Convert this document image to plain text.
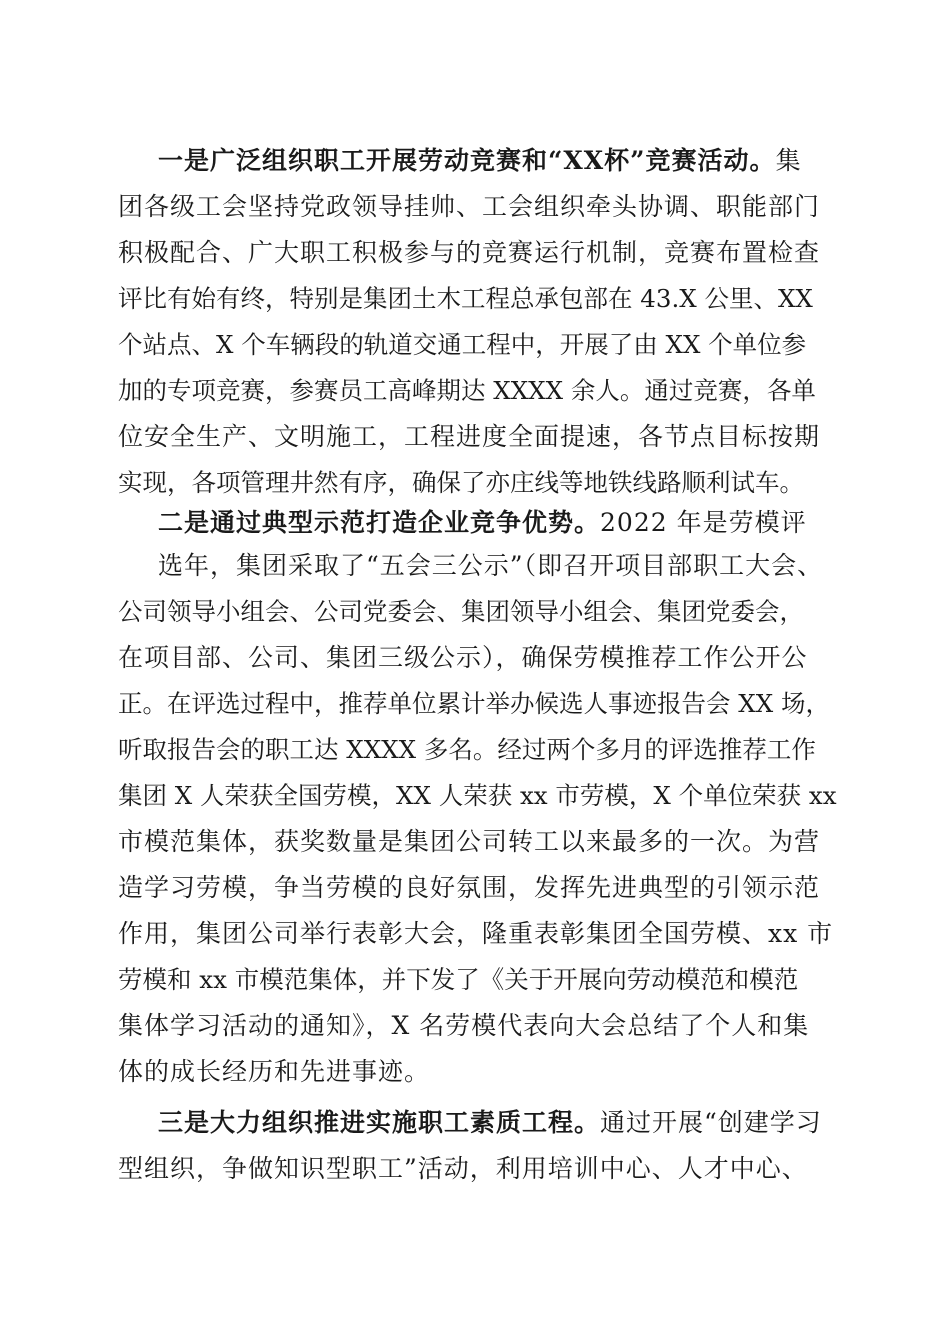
一是广泛组织职工开展劳动竞赛和“XX杯”竞赛活动。集
团各级工会坚持党政领导挂帅、工会组织牵头协调、职能部门
积极配合、广大职工积极参与的竞赛运行机制，竞赛布置检查
评比有始有终，特别是集团土木工程总承包部在 43.X 公里、XX
个站点、X 个车辆段的轨道交通工程中，开展了由 XX 个单位参
加的专项竞赛，参赛员工高峰期达 XXXX 余人。通过竞赛，各单
位安全生产、文明施工，工程进度全面提速，各节点目标按期
实现，各项管理井然有序，确保了亦庄线等地铁线路顺利试车。
二是通过典型示范打造企业竞争优势。2022 年是劳模评
选年，集团采取了“五会三公示”（即召开项目部职工大会、
公司领导小组会、公司党委会、集团领导小组会、集团党委会，
在项目部、公司、集团三级公示），确保劳模推荐工作公开公
正。在评选过程中，推荐单位累计举办候选人事迹报告会 XX 场，
听取报告会的职工达 XXXX 多名。经过两个多月的评选推荐工作
集团 X 人荣获全国劳模，XX 人荣获 xx 市劳模，X 个单位荣获 xx
市模范集体，获奖数量是集团公司转工以来最多的一次。为营
造学习劳模，争当劳模的良好氛围，发挥先进典型的引领示范
作用，集团公司举行表彰大会，隆重表彰集团全国劳模、xx 市
劳模和 xx 市模范集体，并下发了《关于开展向劳动模范和模范
集体学习活动的通知》，X 名劳模代表向大会总结了个人和集
体的成长经历和先进事迹。
三是大力组织推进实施职工素质工程。通过开展“创建学习
型组织，争做知识型职工”活动，利用培训中心、人才中心、
